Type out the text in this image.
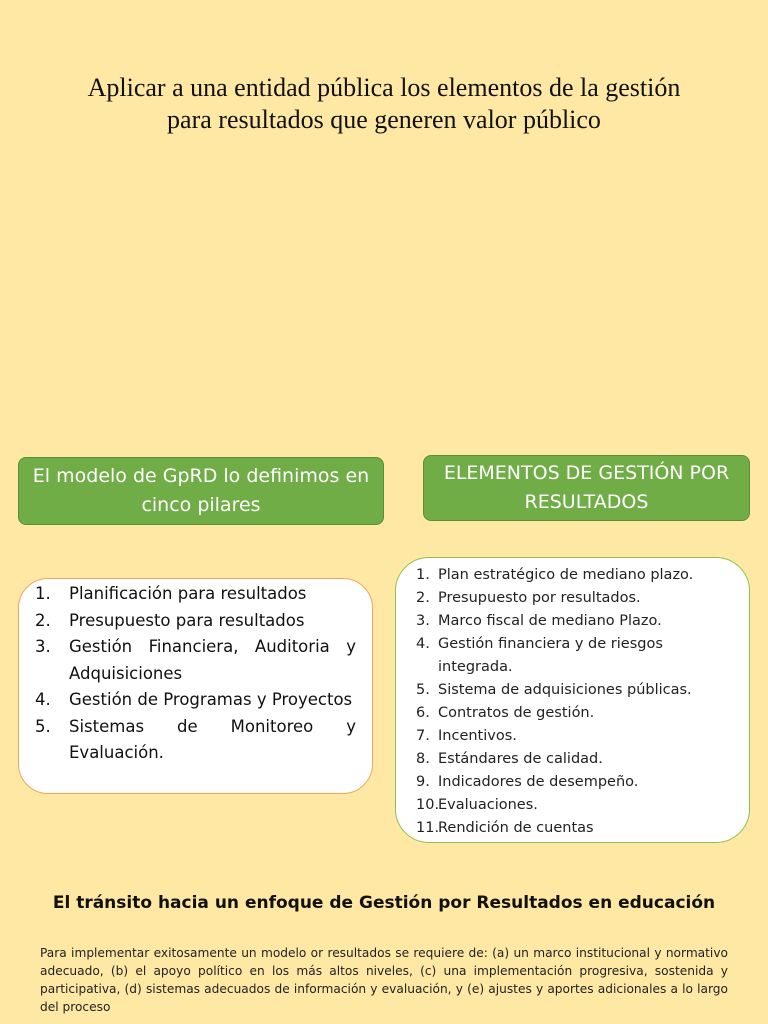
Aplicar a una entidad pública los elementos de la gestión para resultados que generen valor público
El modelo de GpRD lo definimos en cinco pilares
ELEMENTOS DE GESTIÓN POR RESULTADOS
1.	Planificación para resultados
2.	Presupuesto para resultados
3.	Gestión Financiera, Auditoria y Adquisiciones
4.	Gestión de Programas y Proyectos
5.	Sistemas de Monitoreo y Evaluación.
1. Plan estratégico de mediano plazo.
2. Presupuesto por resultados.
3. Marco fiscal de mediano Plazo.
4. Gestión financiera y de riesgos integrada.
5. Sistema de adquisiciones públicas.
6. Contratos de gestión.
7. Incentivos.
8. Estándares de calidad.
9. Indicadores de desempeño.
10.
Evaluaciones.
11.
Rendición de cuentas
El tránsito hacia un enfoque de Gestión por Resultados en educación
Para implementar exitosamente un modelo or resultados se requiere de: (a) un marco institucional y normativo adecuado, (b) el apoyo político en los más altos niveles, (c) una implementación progresiva, sostenida y participativa, (d) sistemas adecuados de información y evaluación, y (e) ajustes y aportes adicionales a lo largo del proceso
